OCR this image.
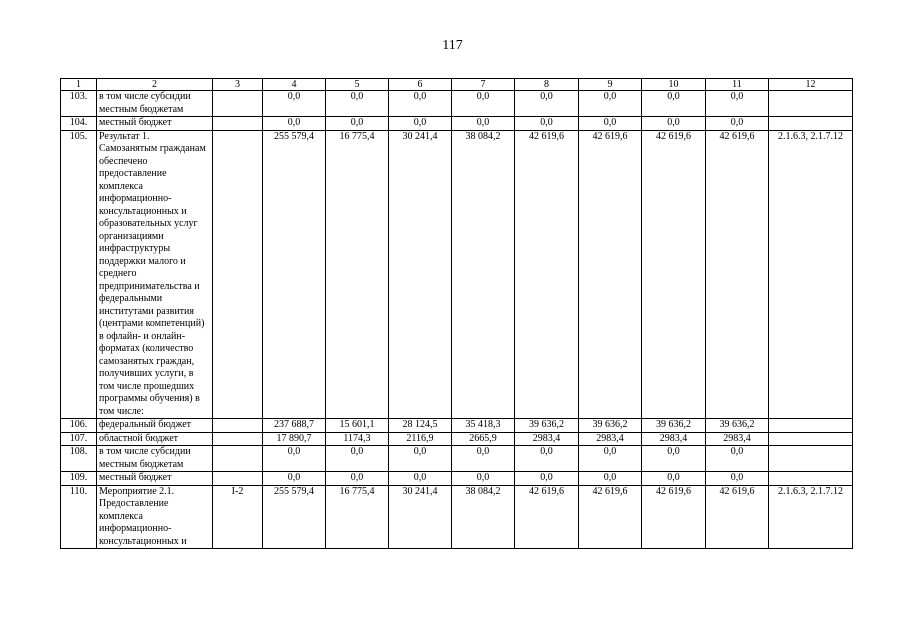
117
1	2	3	4	5	6	7	8	9	10	11	12
103.	в том числе субсидии местным бюджетам		0,0	0,0	0,0	0,0	0,0	0,0	0,0	0,0	
104.	местный бюджет		0,0	0,0	0,0	0,0	0,0	0,0	0,0	0,0	
105.	Результат 1. Самозанятым гражданам обеспечено предоставление комплекса информационно-консультационных и образовательных услуг организациями инфраструктуры поддержки малого и среднего предпринимательства и федеральными институтами развития (центрами компетенций) в офлайн- и онлайн-форматах (количество самозанятых граждан, получивших услуги, в том числе прошедших программы обучения) в том числе:		255 579,4	16 775,4	30 241,4	38 084,2	42 619,6	42 619,6	42 619,6	42 619,6	2.1.6.3, 2.1.7.12
106.	федеральный бюджет		237 688,7	15 601,1	28 124,5	35 418,3	39 636,2	39 636,2	39 636,2	39 636,2	
107.	областной бюджет		17 890,7	1174,3	2116,9	2665,9	2983,4	2983,4	2983,4	2983,4	
108.	в том числе субсидии местным бюджетам		0,0	0,0	0,0	0,0	0,0	0,0	0,0	0,0	
109.	местный бюджет		0,0	0,0	0,0	0,0	0,0	0,0	0,0	0,0	
110.	Мероприятие 2.1. Предоставление комплекса информационно-консультационных и	I-2	255 579,4	16 775,4	30 241,4	38 084,2	42 619,6	42 619,6	42 619,6	42 619,6	2.1.6.3, 2.1.7.12
